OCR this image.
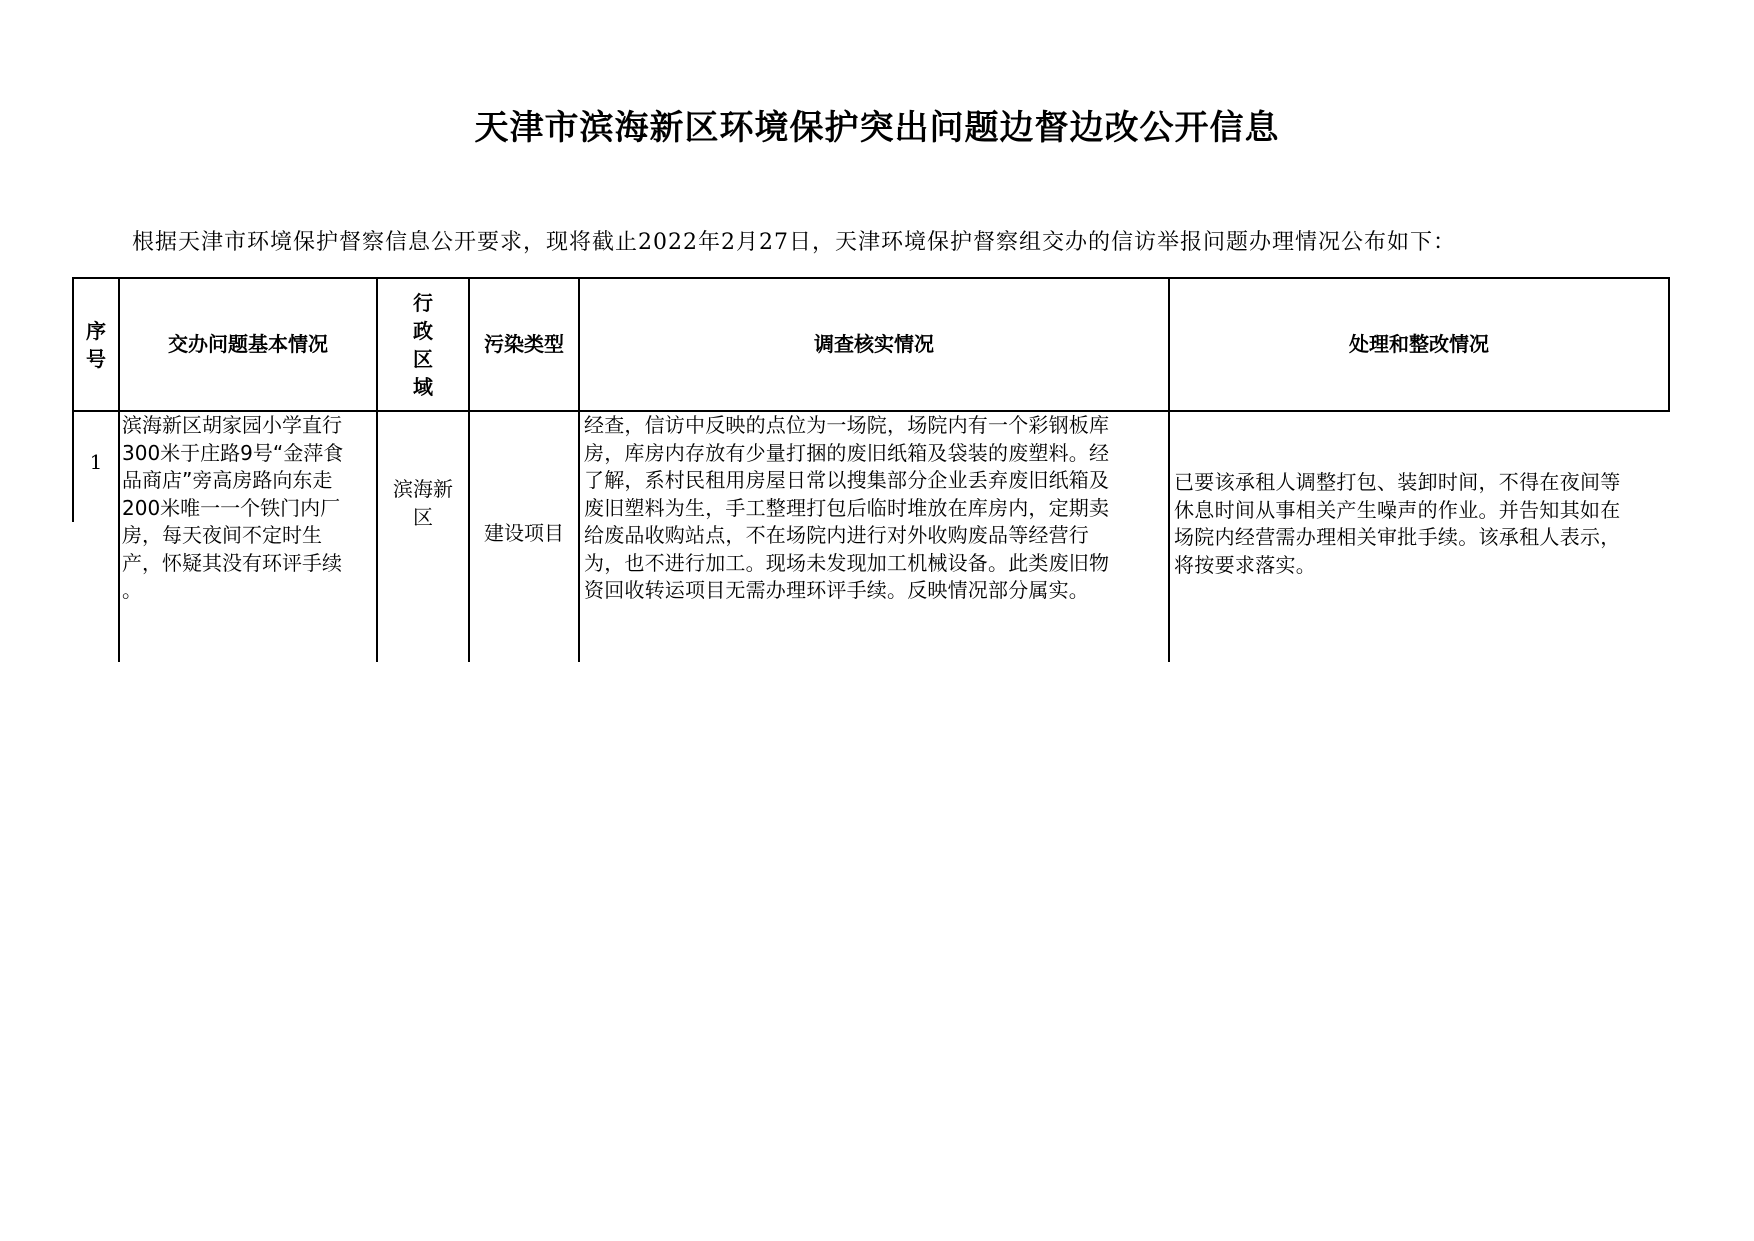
天津市滨海新区环境保护突出问题边督边改公开信息
根据天津市环境保护督察信息公开要求，现将截止2022年2月27日，天津环境保护督察组交办的信访举报问题办理情况公布如下：
序
号
交办问题基本情况
行
政
区
域
污染类型	调查核实情况	处理和整改情况
1
滨海新区胡家园小学直行
300米于庄路9号“金萍食
品商店”旁高房路向东走
200米唯一一个铁门内厂
房，每天夜间不定时生
产，怀疑其没有环评手续
。
滨海新
区
建设项目
经查，信访中反映的点位为一场院，场院内有一个彩钢板库
房，库房内存放有少量打捆的废旧纸箱及袋装的废塑料。经
了解，系村民租用房屋日常以搜集部分企业丢弃废旧纸箱及
废旧塑料为生，手工整理打包后临时堆放在库房内，定期卖
给废品收购站点，不在场院内进行对外收购废品等经营行
为，也不进行加工。现场未发现加工机械设备。此类废旧物
资回收转运项目无需办理环评手续。反映情况部分属实。
已要该承租人调整打包、装卸时间，不得在夜间等
休息时间从事相关产生噪声的作业。并告知其如在
场院内经营需办理相关审批手续。该承租人表示，
将按要求落实。
